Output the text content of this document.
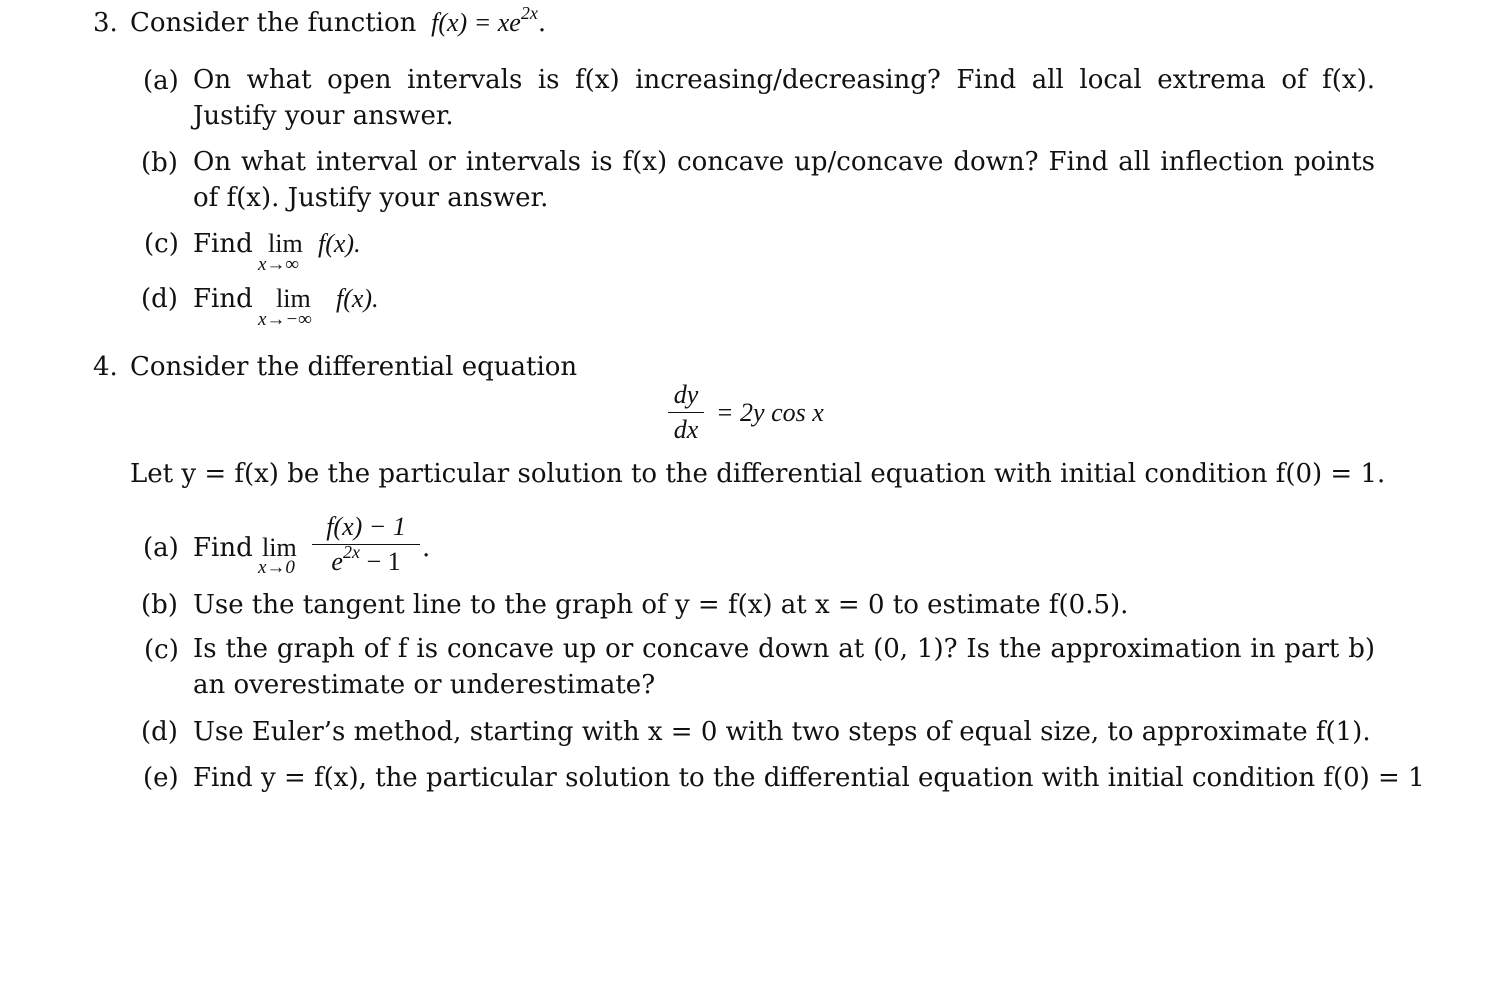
3. Consider the function $f(x) = xe^{2x}$.
(a) On what open intervals is f(x) increasing/decreasing? Find all local extrema of f(x). Justify your answer.

(b) On what interval or intervals is f(x) concave up/concave down? Find all inflection points of f(x). Justify your answer.

(c) Find lim
x→∞
f(x).
(d) Find lim
x→−∞
f(x).
4. Consider the differential equation
dy
dx
= 2y cos x

Let y = f(x) be the particular solution to the differential equation with initial condition f(0) = 1.

(a) Find lim
x→0
f(x) − 1
$e^{2x} - 1$ .
(b) Use the tangent line to the graph of y = f(x) at x = 0 to estimate f(0.5).
(c) Is the graph of f is concave up or concave down at (0, 1)? Is the approximation in part b) an overestimate or underestimate?

(d) Use Euler’s method, starting with x = 0 with two steps of equal size, to approximate f(1).
(e) Find y = f(x), the particular solution to the differential equation with initial condition f(0) = 1
